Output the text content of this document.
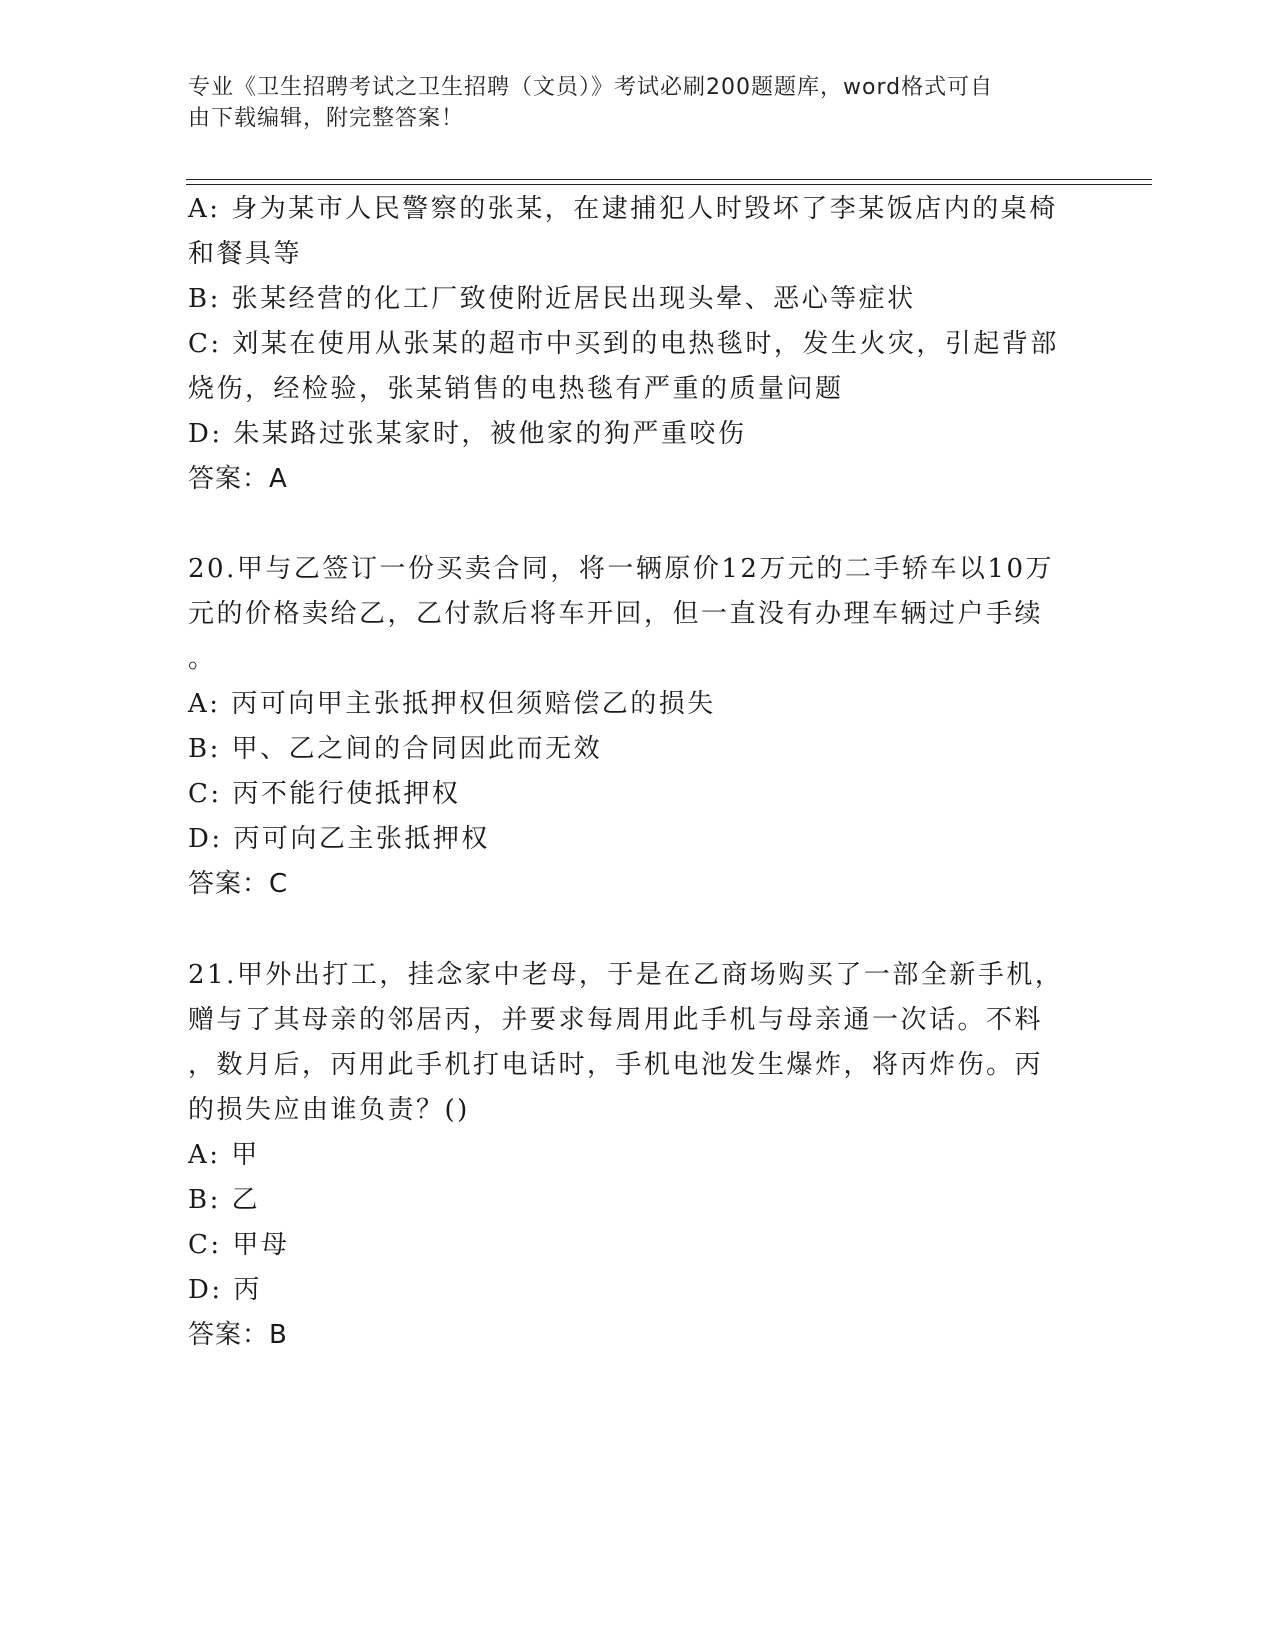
专业《卫生招聘考试之卫生招聘（文员）》考试必刷200题题库，word格式可自
由下载编辑，附完整答案！
A: 身为某市人民警察的张某，在逮捕犯人时毁坏了李某饭店内的桌椅
和餐具等
B: 张某经营的化工厂致使附近居民出现头晕、恶心等症状
C: 刘某在使用从张某的超市中买到的电热毯时，发生火灾，引起背部
烧伤，经检验，张某销售的电热毯有严重的质量问题
D: 朱某路过张某家时，被他家的狗严重咬伤
答案：A
20.甲与乙签订一份买卖合同，将一辆原价12万元的二手轿车以10万
元的价格卖给乙，乙付款后将车开回，但一直没有办理车辆过户手续
。
A: 丙可向甲主张抵押权但须赔偿乙的损失
B: 甲、乙之间的合同因此而无效
C: 丙不能行使抵押权
D: 丙可向乙主张抵押权
答案：C
21.甲外出打工，挂念家中老母，于是在乙商场购买了一部全新手机，
赠与了其母亲的邻居丙，并要求每周用此手机与母亲通一次话。不料
，数月后，丙用此手机打电话时，手机电池发生爆炸，将丙炸伤。丙
的损失应由谁负责？()
A: 甲
B: 乙
C: 甲母
D: 丙
答案：B
